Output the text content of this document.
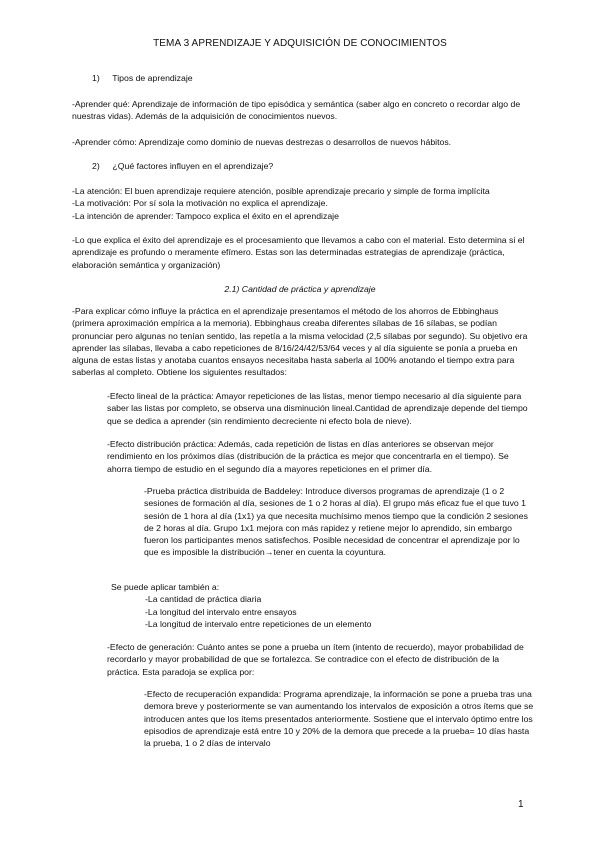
TEMA 3 APRENDIZAJE Y ADQUISICIÓN DE CONOCIMIENTOS
1) Tipos de aprendizaje

-Aprender qué: Aprendizaje de información de tipo episódica y semántica (saber algo en concreto o recordar algo de nuestras vidas). Además de la adquisición de conocimientos nuevos.

-Aprender cómo: Aprendizaje como dominio de nuevas destrezas o desarrollos de nuevos hábitos.

2) ¿Qué factores influyen en el aprendizaje?
-La atención: El buen aprendizaje requiere atención, posible aprendizaje precario y simple de forma implícita
-La motivación: Por sí sola la motivación no explica el aprendizaje.
-La intención de aprender: Tampoco explica el éxito en el aprendizaje

-Lo que explica el éxito del aprendizaje es el procesamiento que llevamos a cabo con el material. Esto determina si el aprendizaje es profundo o meramente efímero. Estas son las determinadas estrategias de aprendizaje (práctica, elaboración semántica y organización)

2.1) Cantidad de práctica y aprendizaje

-Para explicar cómo influye la práctica en el aprendizaje presentamos el método de los ahorros de Ebbinghaus (primera aproximación empírica a la memoria). Ebbinghaus creaba diferentes sílabas de 16 sílabas, se podían pronunciar pero algunas no tenían sentido, las repetía a la misma velocidad (2,5 sílabas por segundo). Su objetivo era aprender las sílabas, llevaba a cabo repeticiones de 8/16/24/42/53/64 veces y al día siguiente se ponía a prueba en alguna de estas listas y anotaba cuantos ensayos necesitaba hasta saberla al 100% anotando el tiempo extra para saberlas al completo. Obtiene los siguientes resultados:

-Efecto lineal de la práctica: Amayor repeticiones de las listas, menor tiempo necesario al día siguiente para saber las listas por completo, se observa una disminución lineal.Cantidad de aprendizaje depende del tiempo que se dedica a aprender (sin rendimiento decreciente ni efecto bola de nieve).

-Efecto distribución práctica: Además, cada repetición de listas en días anteriores se observan mejor rendimiento en los próximos días (distribución de la práctica es mejor que concentrarla en el tiempo). Se ahorra tiempo de estudio en el segundo día a mayores repeticiones en el primer día.

-Prueba práctica distribuida de Baddeley: Introduce diversos programas de aprendizaje (1 o 2 sesiones de formación al día, sesiones de 1 o 2 horas al día). El grupo más eficaz fue el que tuvo 1 sesión de 1 hora al día (1x1) ya que necesita muchísimo menos tiempo que la condición 2 sesiones de 2 horas al día. Grupo 1x1 mejora con más rapidez y retiene mejor lo aprendido, sin embargo fueron los participantes menos satisfechos. Posible necesidad de concentrar el aprendizaje por lo que es imposible la distribución→tener en cuenta la coyuntura.

Se puede aplicar también a:
-La cantidad de práctica diaria
-La longitud del intervalo entre ensayos
-La longitud de intervalo entre repeticiones de un elemento

-Efecto de generación: Cuánto antes se pone a prueba un ítem (intento de recuerdo), mayor probabilidad de recordarlo y mayor probabilidad de que se fortalezca. Se contradice con el efecto de distribución de la práctica. Esta paradoja se explica por:

-Efecto de recuperación expandida: Programa aprendizaje, la información se pone a prueba tras una demora breve y posteriormente se van aumentando los intervalos de exposición a otros ítems que se introducen antes que los ítems presentados anteriormente. Sostiene que el intervalo óptimo entre los episodios de aprendizaje está entre 10 y 20% de la demora que precede a la prueba= 10 días hasta la prueba, 1 o 2 días de intervalo

1
